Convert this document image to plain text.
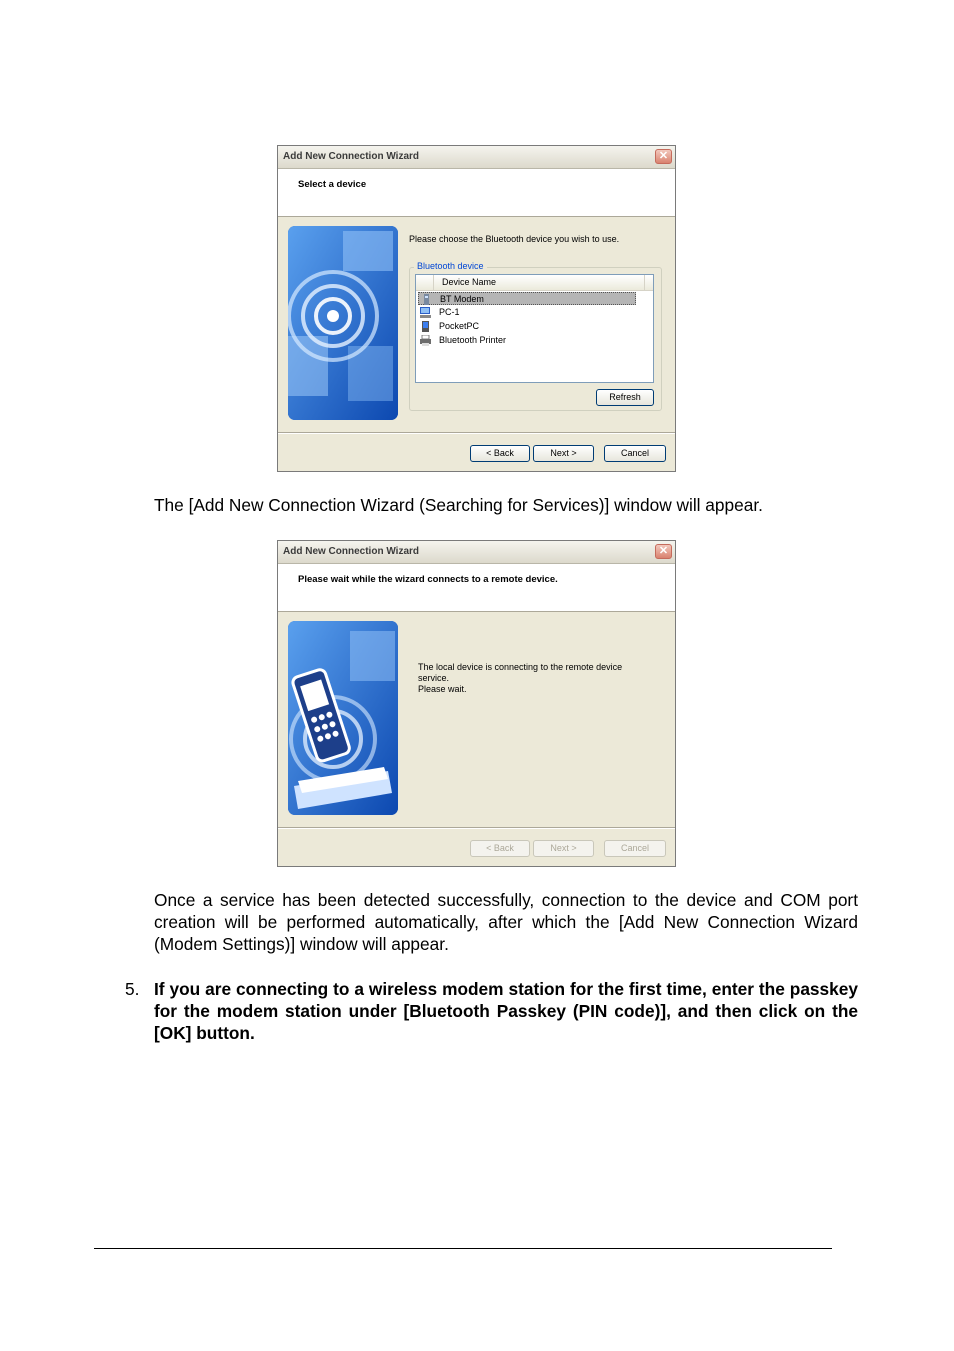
Add New Connection Wizard	✕
Select a device
Please choose the Bluetooth device you wish to use.
Bluetooth device
Device Name
BT Modem
PC-1
PocketPC
Bluetooth Printer
Refresh
< Back	Next >	Cancel
The [Add New Connection Wizard (Searching for Services)] window will appear.
Add New Connection Wizard	✕
Please wait while the wizard connects to a remote device.
The local device is connecting to the remote device
service.
Please wait.
< Back	Next >	Cancel
Once a service has been detected successfully, connection to the device and COM port creation will be performed automatically, after which the [Add New Connection Wizard (Modem Settings)] window will appear.
5. If you are connecting to a wireless modem station for the first time, enter the passkey for the modem station under [Bluetooth Passkey (PIN code)], and then click on the [OK] button.
